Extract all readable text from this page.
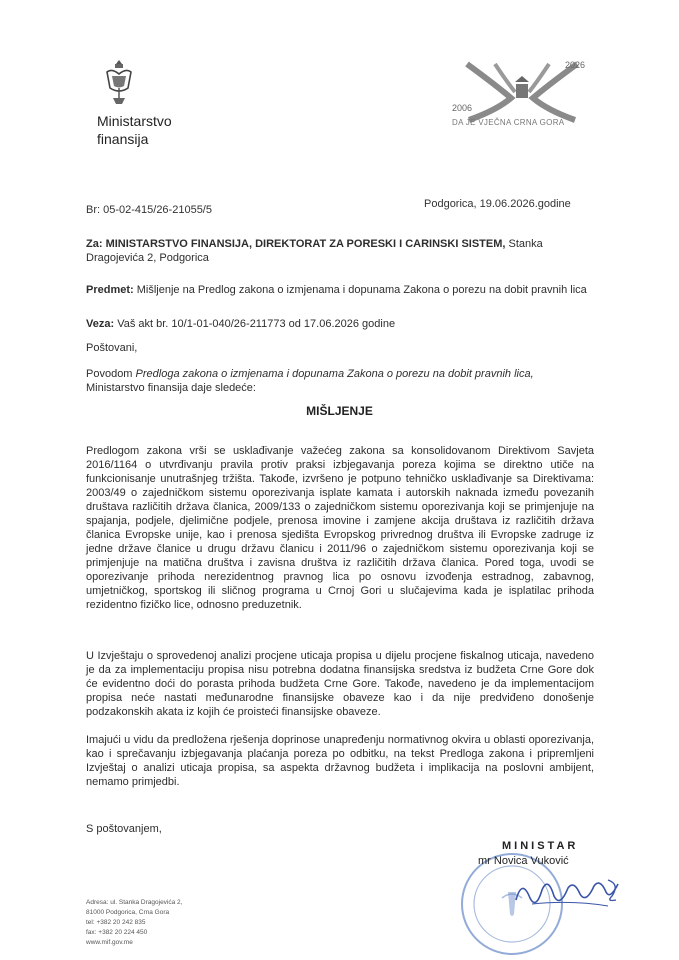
Ministarstvo
finansija
2026
2006
DA JE VJEČNA CRNA GORA
Br: 05-02-415/26-21055/5	Podgorica, 19.06.2026.godine
Za: MINISTARSTVO FINANSIJA, DIREKTORAT ZA PORESKI I CARINSKI SISTEM, Stanka Dragojevića 2, Podgorica
Predmet: Mišljenje na Predlog zakona o izmjenama i dopunama Zakona o porezu na dobit pravnih lica
Veza: Vaš akt br. 10/1-01-040/26-211773 od 17.06.2026 godine
Poštovani,
Povodom Predloga zakona o izmjenama i dopunama Zakona o porezu na dobit pravnih lica, Ministarstvo finansija daje sledeće:
MIŠLJENJE
Predlogom zakona vrši se usklađivanje važećeg zakona sa konsolidovanom Direktivom Savjeta 2016/1164 o utvrđivanju pravila protiv praksi izbjegavanja poreza kojima se direktno utiče na funkcionisanje unutrašnjeg tržišta. Takođe, izvršeno je potpuno tehničko usklađivanje sa Direktivama: 2003/49 o zajedničkom sistemu oporezivanja isplate kamata i autorskih naknada između povezanih društava različitih država članica, 2009/133 o zajedničkom sistemu oporezivanja koji se primjenjuje na spajanja, podjele, djelimične podjele, prenosa imovine i zamjene akcija društava iz različitih država članica Evropske unije, kao i prenosa sjedišta Evropskog privrednog društva ili Evropske zadruge iz jedne države članice u drugu državu članicu i 2011/96 o zajedničkom sistemu oporezivanja koji se primjenjuje na matična društva i zavisna društva iz različitih država članica. Pored toga, uvodi se oporezivanje prihoda nerezidentnog pravnog lica po osnovu izvođenja estradnog, zabavnog, umjetničkog, sportskog ili sličnog programa u Crnoj Gori u slučajevima kada je isplatilac prihoda rezidentno fizičko lice, odnosno preduzetnik.
U Izvještaju o sprovedenoj analizi procjene uticaja propisa u dijelu procjene fiskalnog uticaja, navedeno je da za implementaciju propisa nisu potrebna dodatna finansijska sredstva iz budžeta Crne Gore dok će evidentno doći do porasta prihoda budžeta Crne Gore. Takođe, navedeno je da implementacijom propisa neće nastati međunarodne finansijske obaveze kao i da nije predviđeno donošenje podzakonskih akata iz kojih će proisteći finansijske obaveze.
Imajući u vidu da predložena rješenja doprinose unapređenju normativnog okvira u oblasti oporezivanja, kao i sprečavanju izbjegavanja plaćanja poreza po odbitku, na tekst Predloga zakona i pripremljeni Izvještaj o analizi uticaja propisa, sa aspekta državnog budžeta i implikacija na poslovni ambijent, nemamo primjedbi.
S poštovanjem,
MINISTAR
mr Novica Vuković
Adresa: ul. Stanka Dragojevića 2,
81000 Podgorica, Crna Gora
tel: +382 20 242 835
fax: +382 20 224 450
www.mif.gov.me
